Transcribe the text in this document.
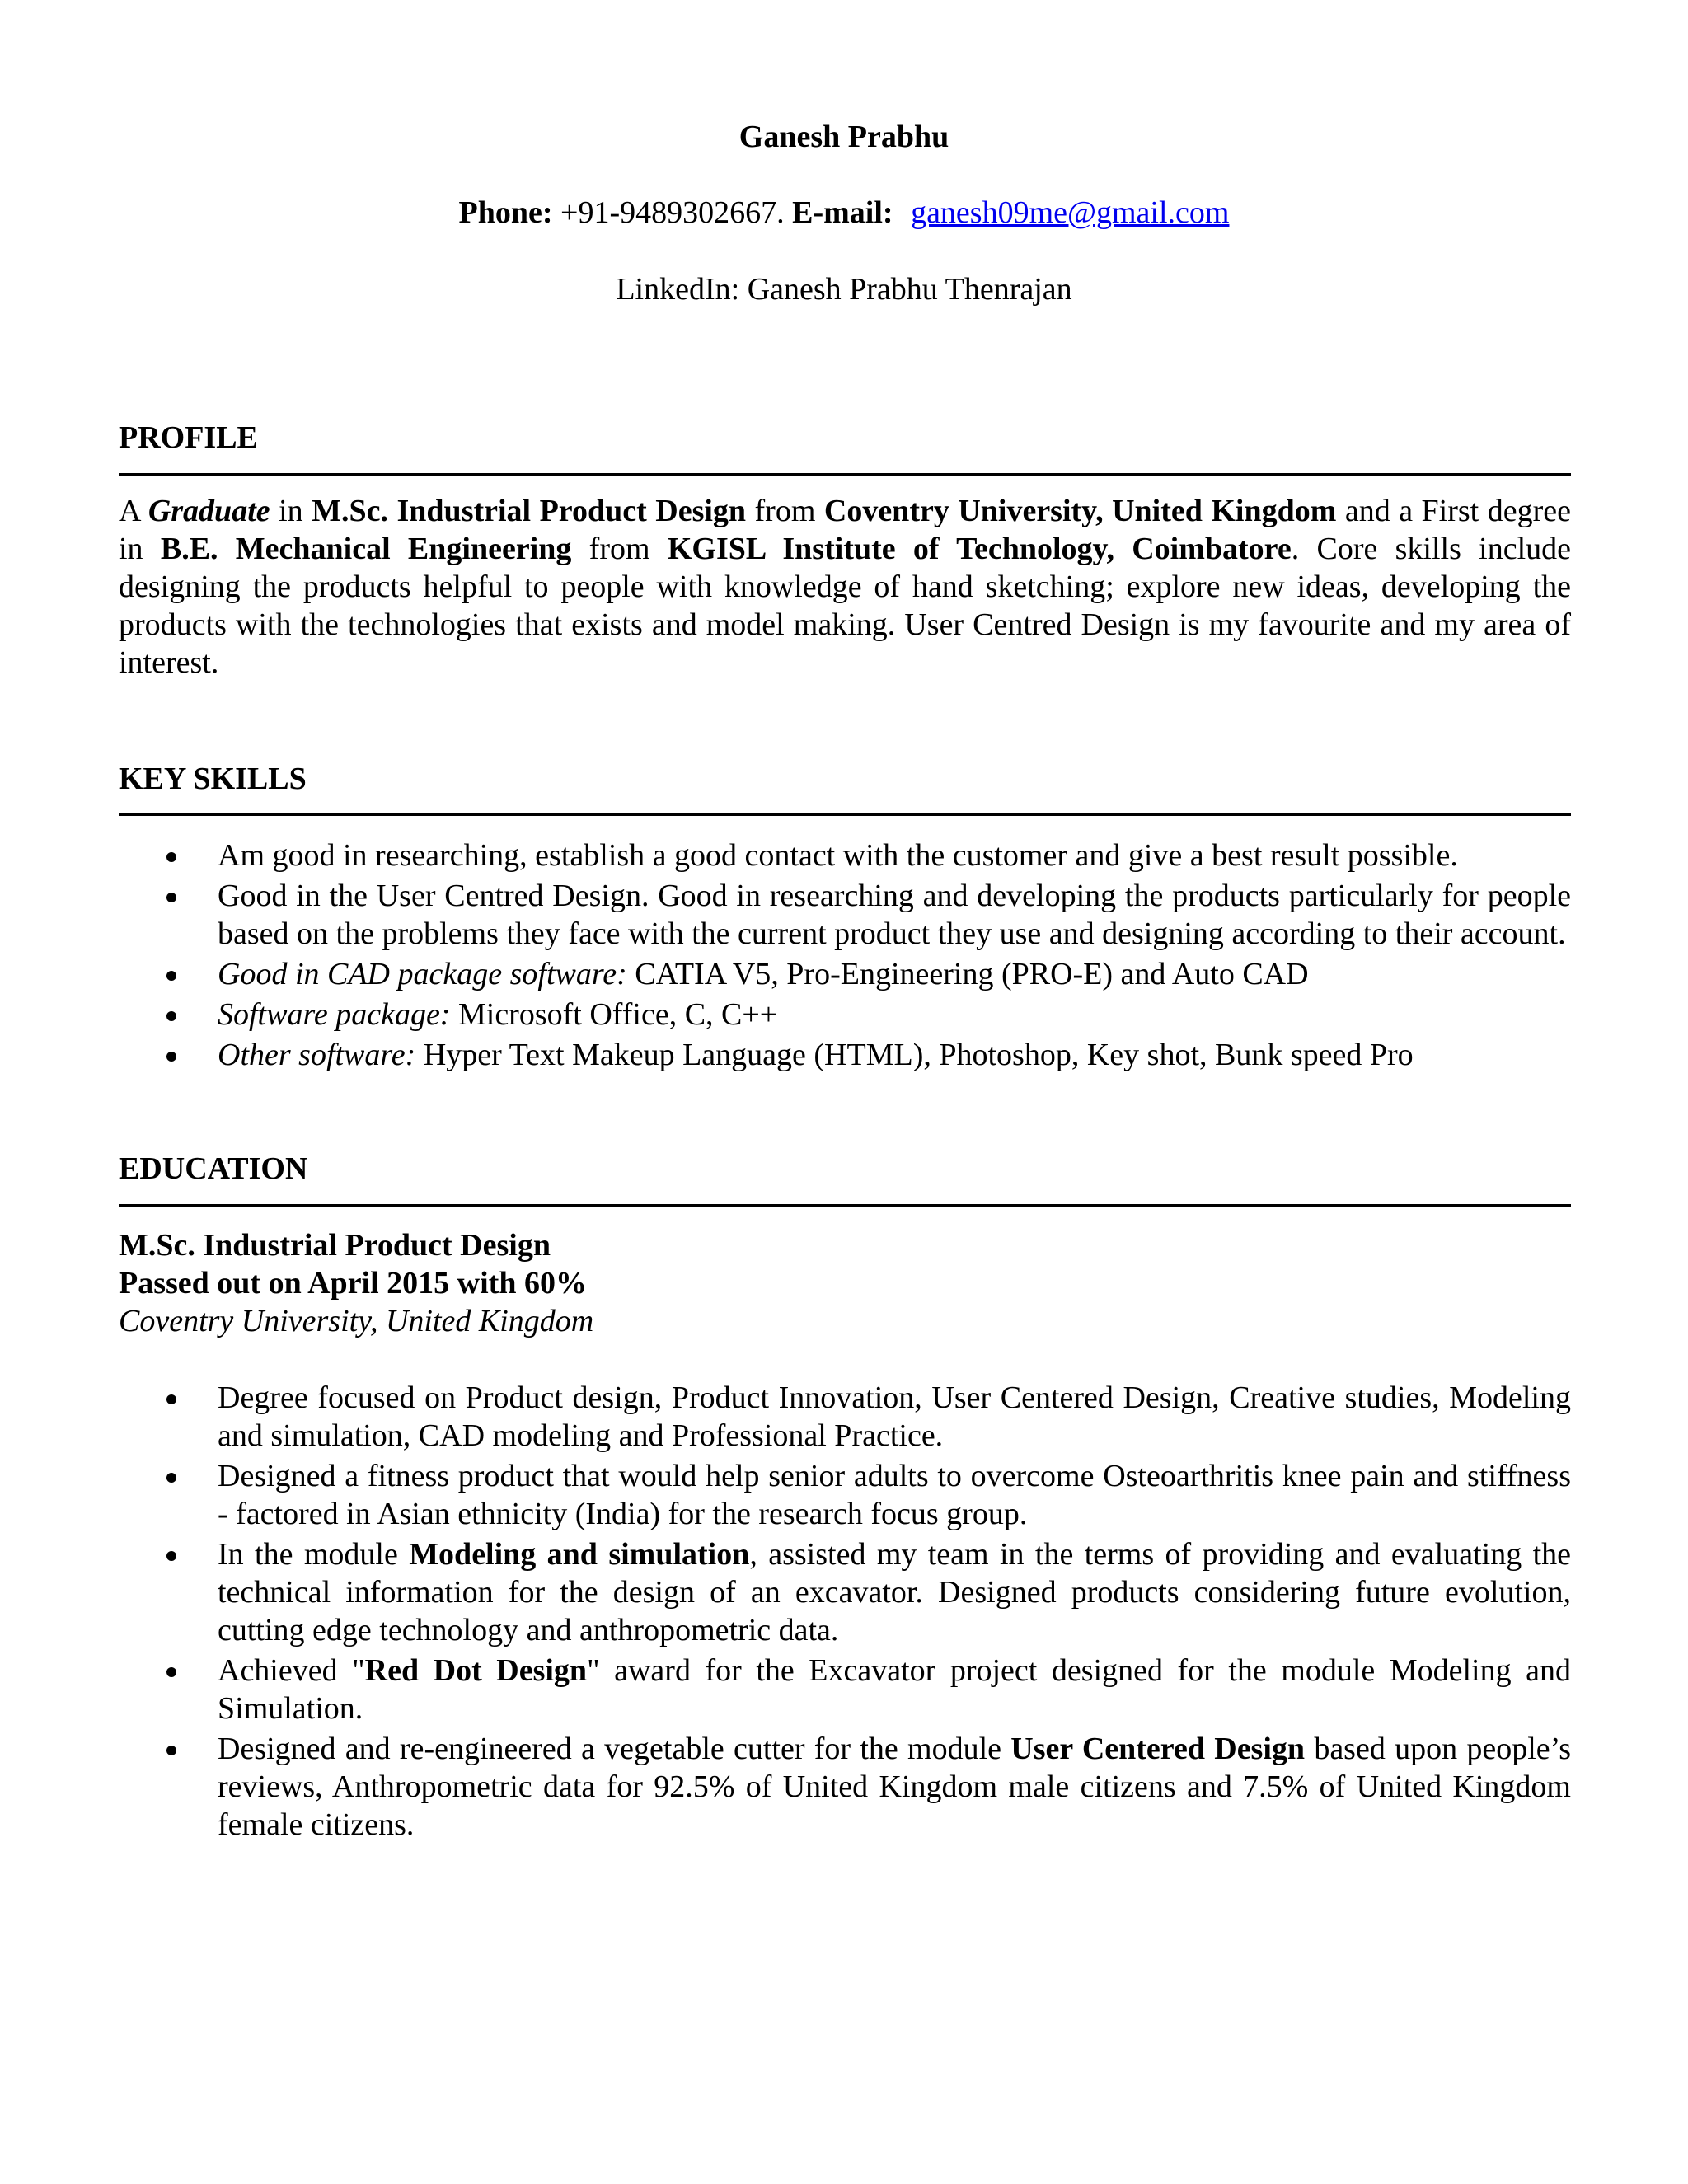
Ganesh Prabhu
Phone: +91-9489302667. E-mail: ganesh09me@gmail.com
LinkedIn: Ganesh Prabhu Thenrajan
PROFILE
A Graduate in M.Sc. Industrial Product Design from Coventry University, United Kingdom and a First degree in B.E. Mechanical Engineering from KGISL Institute of Technology, Coimbatore. Core skills include designing the products helpful to people with knowledge of hand sketching; explore new ideas, developing the products with the technologies that exists and model making. User Centred Design is my favourite and my area of interest.
KEY SKILLS
Am good in researching, establish a good contact with the customer and give a best result possible.
Good in the User Centred Design. Good in researching and developing the products particularly for people based on the problems they face with the current product they use and designing according to their account.
Good in CAD package software: CATIA V5, Pro-Engineering (PRO-E) and Auto CAD
Software package: Microsoft Office, C, C++
Other software: Hyper Text Makeup Language (HTML), Photoshop, Key shot, Bunk speed Pro
EDUCATION
M.Sc. Industrial Product Design
Passed out on April 2015 with 60%
Coventry University, United Kingdom
Degree focused on Product design, Product Innovation, User Centered Design, Creative studies, Modeling and simulation, CAD modeling and Professional Practice.
Designed a fitness product that would help senior adults to overcome Osteoarthritis knee pain and stiffness - factored in Asian ethnicity (India) for the research focus group.
In the module Modeling and simulation, assisted my team in the terms of providing and evaluating the technical information for the design of an excavator. Designed products considering future evolution, cutting edge technology and anthropometric data.
Achieved "Red Dot Design" award for the Excavator project designed for the module Modeling and Simulation.
Designed and re-engineered a vegetable cutter for the module User Centered Design based upon people’s reviews, Anthropometric data for 92.5% of United Kingdom male citizens and 7.5% of United Kingdom female citizens.
